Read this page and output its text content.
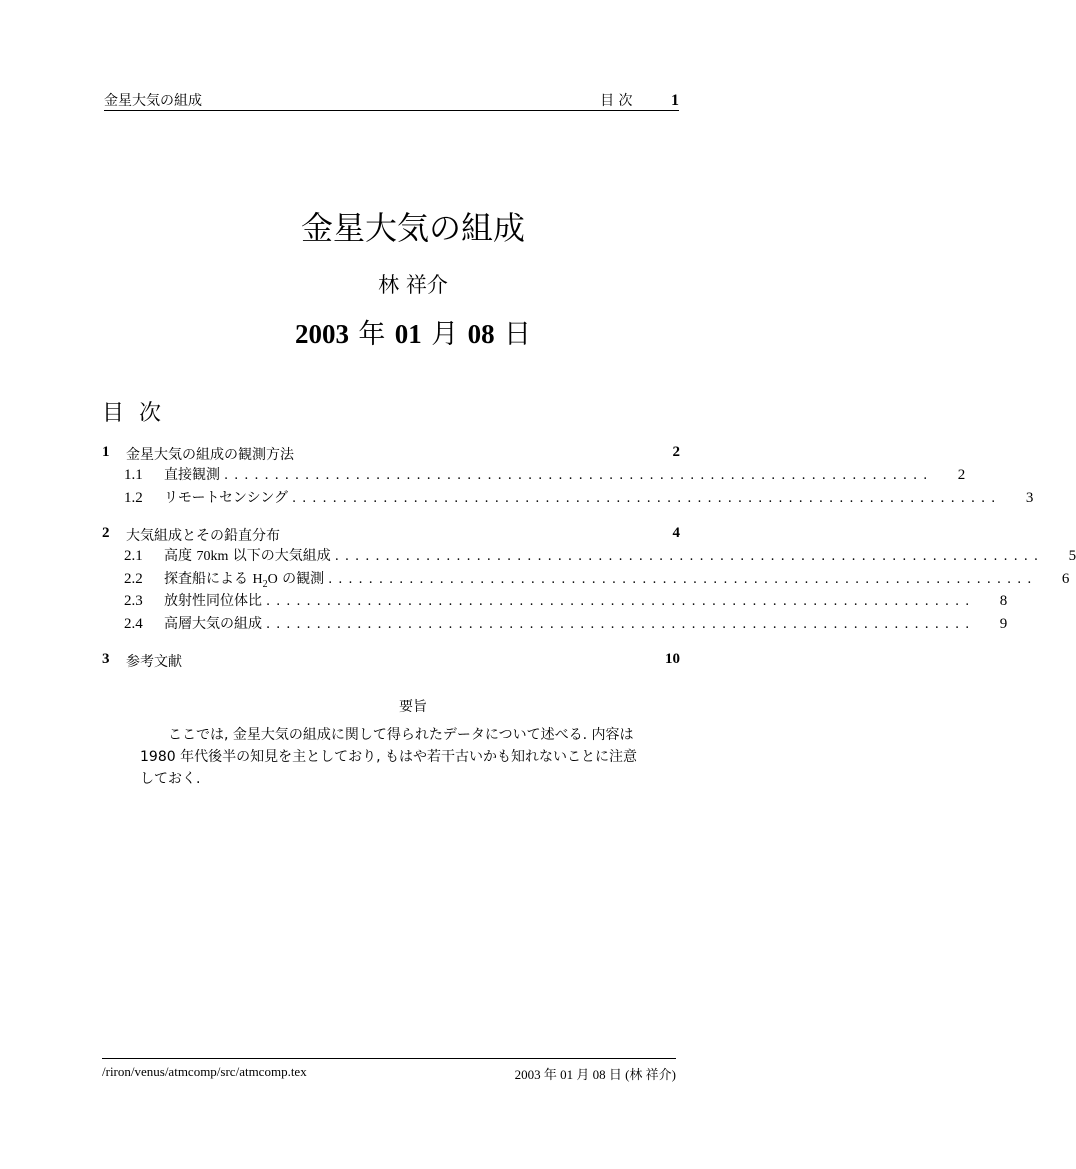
金星大気の組成	目 次 1
金星大気の組成
林 祥介
2003 年 01 月 08 日
目 次
1 金星大気の組成の観測方法	2
1.1	直接観測 ......................................................................	2
1.2	リモートセンシング ......................................................................	3
2 大気組成とその鉛直分布	4
2.1	高度 70km 以下の大気組成 ......................................................................	5
2.2	探査船による $H_2O$ の観測 ......................................................................	6
2.3	放射性同位体比 ......................................................................	8
2.4	高層大気の組成 ......................................................................	9
3 参考文献	10
要旨
ここでは, 金星大気の組成に関して得られたデータについて述べる. 内容は 1980 年代後半の知見を主としており, もはや若干古いかも知れないことに注意しておく.
/riron/venus/atmcomp/src/atmcomp.tex	2003 年 01 月 08 日 (林 祥介)
